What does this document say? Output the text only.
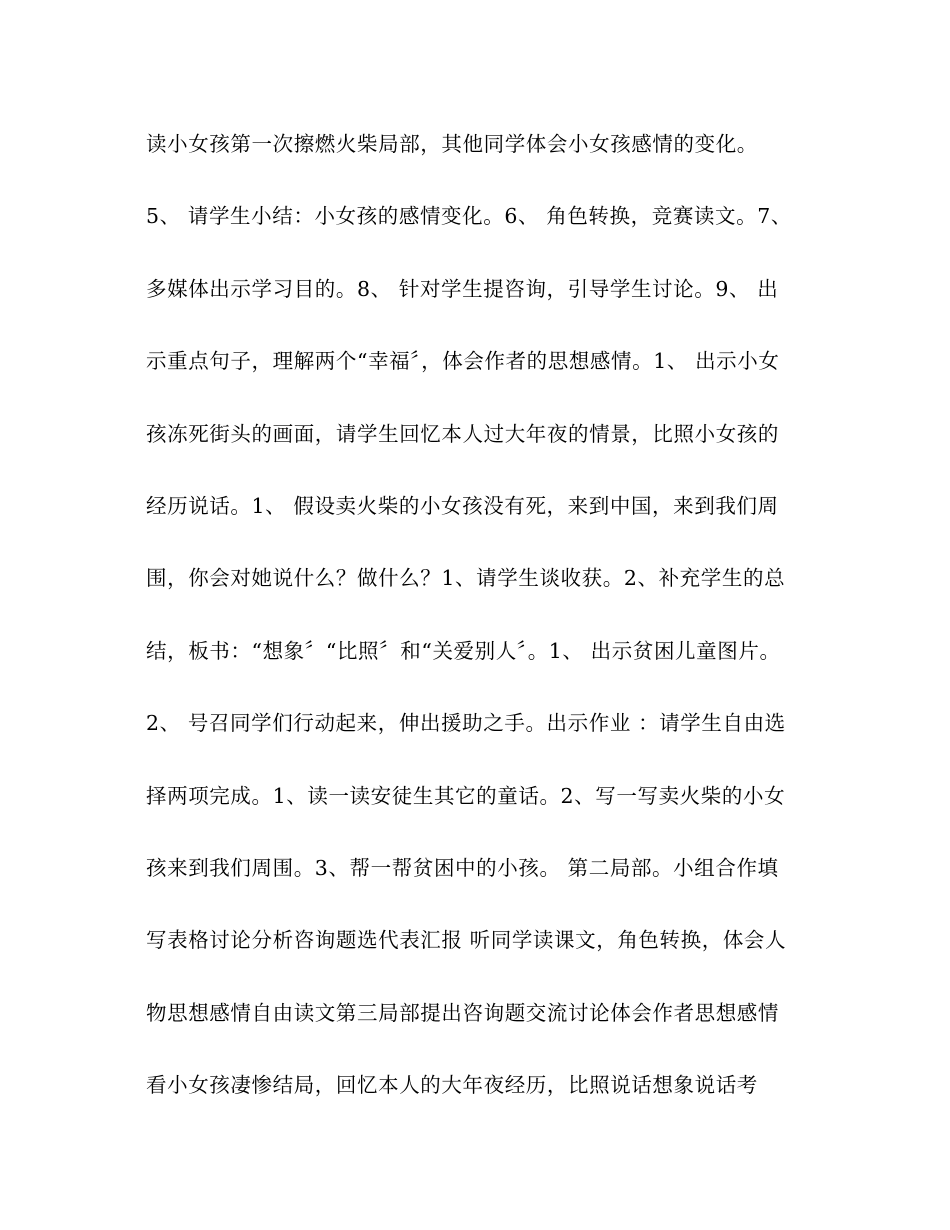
读小女孩第一次擦燃火柴局部，其他同学体会小女孩感情的变化。
5、 请学生小结：小女孩的感情变化。6、 角色转换，竞赛读文。7、
多媒体出示学习目的。8、 针对学生提咨询，引导学生讨论。9、 出
示重点句子，理解两个“幸福〞，体会作者的思想感情。1、 出示小女
孩冻死街头的画面，请学生回忆本人过大年夜的情景，比照小女孩的
经历说话。1、 假设卖火柴的小女孩没有死，来到中国，来到我们周
围，你会对她说什么？做什么？1、请学生谈收获。2、补充学生的总
结，板书：“想象〞“比照〞和“关爱别人〞。1、 出示贫困儿童图片。
2、 号召同学们行动起来，伸出援助之手。出示作业 ：请学生自由选
择两项完成。1、读一读安徒生其它的童话。2、写一写卖火柴的小女
孩来到我们周围。3、帮一帮贫困中的小孩。 第二局部。小组合作填
写表格讨论分析咨询题选代表汇报 听同学读课文，角色转换，体会人
物思想感情自由读文第三局部提出咨询题交流讨论体会作者思想感情
看小女孩凄惨结局，回忆本人的大年夜经历，比照说话想象说话考
